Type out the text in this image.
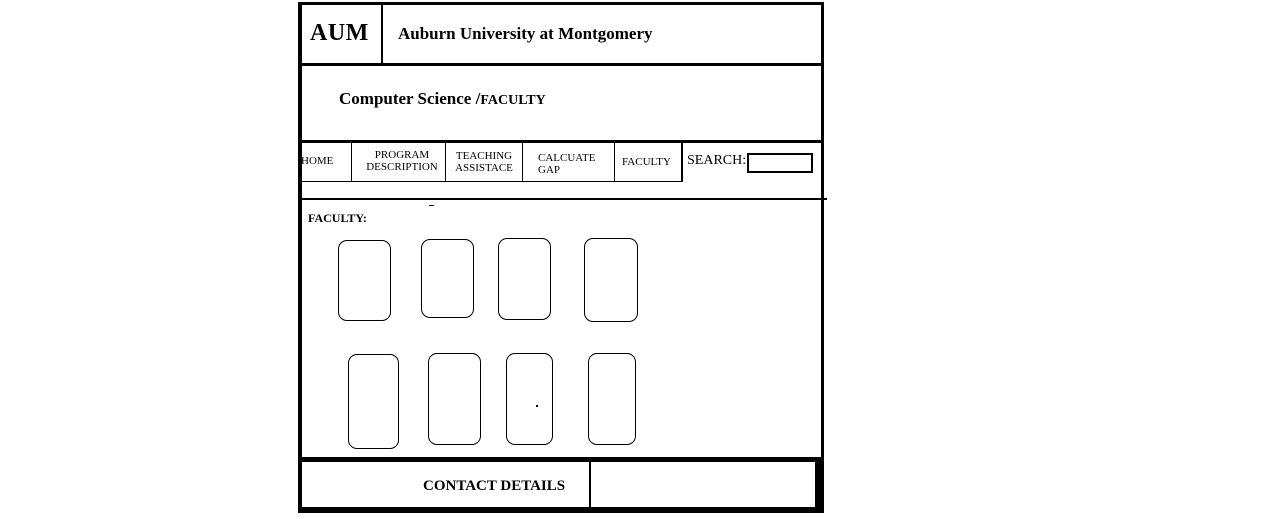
AUM Auburn University at Montgomery
Computer Science /FACULTY
HOME	PROGRAM
DESCRIPTION
TEACHING
ASSISTACE
CALCUATE
GAP
FACULTY	SEARCH:
FACULTY:
CONTACT DETAILS
